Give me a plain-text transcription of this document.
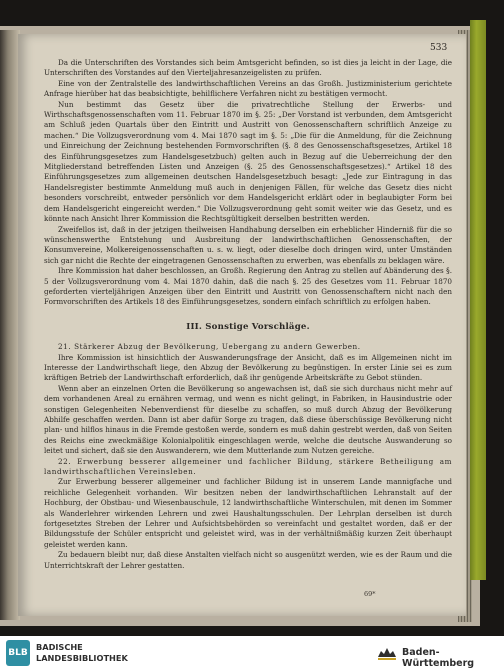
533

Da die Unterschriften des Vorstandes sich beim Amtsgericht befinden, so ist dies ja leicht in der Lage, die Unterschriften des Vorstandes auf den Vierteljahresanzeigelisten zu prüfen.

Eine von der Zentralstelle des landwirthschaftlichen Vereins an das Großh. Justizministerium gerichtete Anfrage hierüber hat das beabsichtigte, behilflichere Verfahren nicht zu bestätigen vermocht.

Nun bestimmt das Gesetz über die privatrechtliche Stellung der Erwerbs- und Wirthschaftsgenossenschaften vom 11. Februar 1870 im §. 25: „Der Vorstand ist verbunden, dem Amtsgericht am Schluß jeden Quartals über den Eintritt und Austritt von Genossenschaftern schriftlich Anzeige zu machen.“ Die Vollzugsverordnung vom 4. Mai 1870 sagt im §. 5: „Die für die Anmeldung, für die Zeichnung und Einreichung der Zeichnung bestehenden Formvorschriften (§. 8 des Genossenschaftsgesetzes, Artikel 18 des Einführungsgesetzes zum Handelsgesetzbuch) gelten auch in Bezug auf die Ueberreichung der den Mitgliederstand betreffenden Listen und Anzeigen (§. 25 des Genossenschaftsgesetzes).“ Artikel 18 des Einführungsgesetzes zum allgemeinen deutschen Handelsgesetzbuch besagt: „Jede zur Eintragung in das Handelsregister bestimmte Anmeldung muß auch in denjenigen Fällen, für welche das Gesetz dies nicht besonders vorschreibt, entweder persönlich vor dem Handelsgericht erklärt oder in beglaubigter Form bei dem Handelsgericht eingereicht werden.“ Die Vollzugsverordnung geht somit weiter wie das Gesetz, und es könnte nach Ansicht Ihrer Kommission die Rechtsgültigkeit derselben bestritten werden.

Zweifellos ist, daß in der jetzigen theilweisen Handhabung derselben ein erheblicher Hinderniß für die so wünschenswerthe Entstehung und Ausbreitung der landwirthschaftlichen Genossenschaften, der Konsumvereine, Molkereigenossenschaften u. s. w. liegt, oder dieselbe doch dringen wird, unter Umständen sich gar nicht die Rechte der eingetragenen Genossenschaften zu erwerben, was ebenfalls zu beklagen wäre.

Ihre Kommission hat daher beschlossen, an Großh. Regierung den Antrag zu stellen auf Abänderung des §. 5 der Vollzugsverordnung vom 4. Mai 1870 dahin, daß die nach §. 25 des Gesetzes vom 11. Februar 1870 geforderten vierteljährigen Anzeigen über den Eintritt und Austritt von Genossenschaftern nicht nach den Formvorschriften des Artikels 18 des Einführungsgesetzes, sondern einfach schriftlich zu erfolgen haben.

III. Sonstige Vorschläge.

21. Stärkerer Abzug der Bevölkerung, Uebergang zu andern Gewerben.

Ihre Kommission ist hinsichtlich der Auswanderungsfrage der Ansicht, daß es im Allgemeinen nicht im Interesse der Landwirthschaft liege, den Abzug der Bevölkerung zu begünstigen. In erster Linie sei es zum kräftigen Betrieb der Landwirthschaft erforderlich, daß ihr genügende Arbeitskräfte zu Gebot stünden.

Wenn aber an einzelnen Orten die Bevölkerung so angewachsen ist, daß sie sich durchaus nicht mehr auf dem vorhandenen Areal zu ernähren vermag, und wenn es nicht gelingt, in Fabriken, in Hausindustrie oder sonstigen Gelegenheiten Nebenverdienst für dieselbe zu schaffen, so muß durch Abzug der Bevölkerung Abhilfe geschaffen werden. Dann ist aber dafür Sorge zu tragen, daß diese überschüssige Bevölkerung nicht plan- und hilflos hinaus in die Fremde gestoßen werde, sondern es muß dahin gestrebt werden, daß von Seiten des Reichs eine zweckmäßige Kolonialpolitik eingeschlagen werde, welche die deutsche Auswanderung so leitet und sichert, daß sie den Auswanderern, wie dem Mutterlande zum Nutzen gereiche.

22. Erwerbung besserer allgemeiner und fachlicher Bildung, stärkere Betheiligung am landwirthschaftlichen Vereinsleben.

Zur Erwerbung besserer allgemeiner und fachlicher Bildung ist in unserem Lande mannigfache und reichliche Gelegenheit vorhanden. Wir besitzen neben der landwirthschaftlichen Lehranstalt auf der Hochburg, der Obstbau- und Wiesenbauschule, 12 landwirthschaftliche Winterschulen, mit denen im Sommer als Wanderlehrer wirkenden Lehrern und zwei Haushaltungsschulen. Der Lehrplan derselben ist durch fortgesetztes Streben der Lehrer und Aufsichtsbehörden so vereinfacht und gestaltet worden, daß er der Bildungsstufe der Schüler entspricht und geleistet wird, was in der verhältnißmäßig kurzen Zeit überhaupt geleistet werden kann.

Zu bedauern bleibt nur, daß diese Anstalten vielfach nicht so ausgenützt werden, wie es der Raum und die Unterrichtskraft der Lehrer gestatten.

69*
BLB
BADISCHE
LANDESBIBLIOTHEK	Baden-Württemberg
